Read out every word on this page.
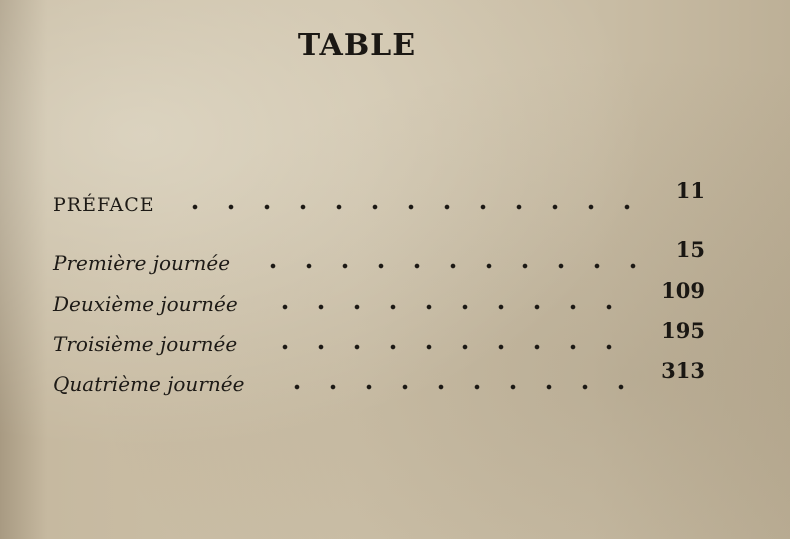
TABLE
PRÉFACE
11
Première journée
15
Deuxième journée
109
Troisième journée
195
Quatrième journée
313
